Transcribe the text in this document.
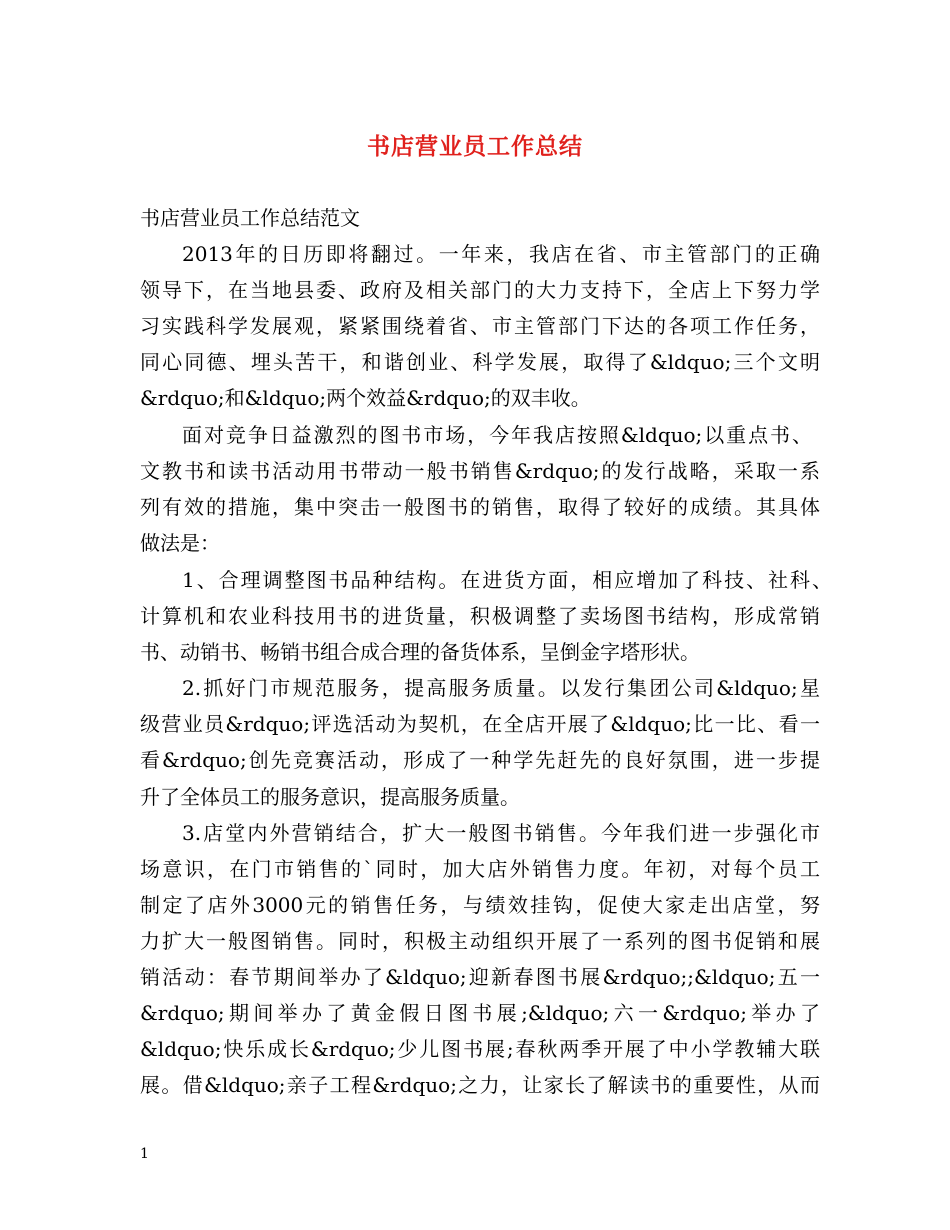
书店营业员工作总结
书店营业员工作总结范文
2013年的日历即将翻过。一年来，我店在省、市主管部门的正确
领导下，在当地县委、政府及相关部门的大力支持下，全店上下努力学
习实践科学发展观，紧紧围绕着省、市主管部门下达的各项工作任务，
同心同德、埋头苦干，和谐创业、科学发展，取得了&ldquo;三个文明
&rdquo;和&ldquo;两个效益&rdquo;的双丰收。
面对竞争日益激烈的图书市场，今年我店按照&ldquo;以重点书、
文教书和读书活动用书带动一般书销售&rdquo;的发行战略，采取一系
列有效的措施，集中突击一般图书的销售，取得了较好的成绩。其具体
做法是：
1、合理调整图书品种结构。在进货方面，相应增加了科技、社科、
计算机和农业科技用书的进货量，积极调整了卖场图书结构，形成常销
书、动销书、畅销书组合成合理的备货体系，呈倒金字塔形状。
2.抓好门市规范服务，提高服务质量。以发行集团公司&ldquo;星
级营业员&rdquo;评选活动为契机，在全店开展了&ldquo;比一比、看一
看&rdquo;创先竞赛活动，形成了一种学先赶先的良好氛围，进一步提
升了全体员工的服务意识，提高服务质量。
3.店堂内外营销结合，扩大一般图书销售。今年我们进一步强化市
场意识，在门市销售的`同时，加大店外销售力度。年初，对每个员工
制定了店外3000元的销售任务，与绩效挂钩，促使大家走出店堂，努
力扩大一般图销售。同时，积极主动组织开展了一系列的图书促销和展
销活动：春节期间举办了&ldquo;迎新春图书展&rdquo;;&ldquo;五一
&rdquo;期间举办了黄金假日图书展;&ldquo;六一&rdquo;举办了
&ldquo;快乐成长&rdquo;少儿图书展;春秋两季开展了中小学教辅大联
展。借&ldquo;亲子工程&rdquo;之力，让家长了解读书的重要性，从而
1
